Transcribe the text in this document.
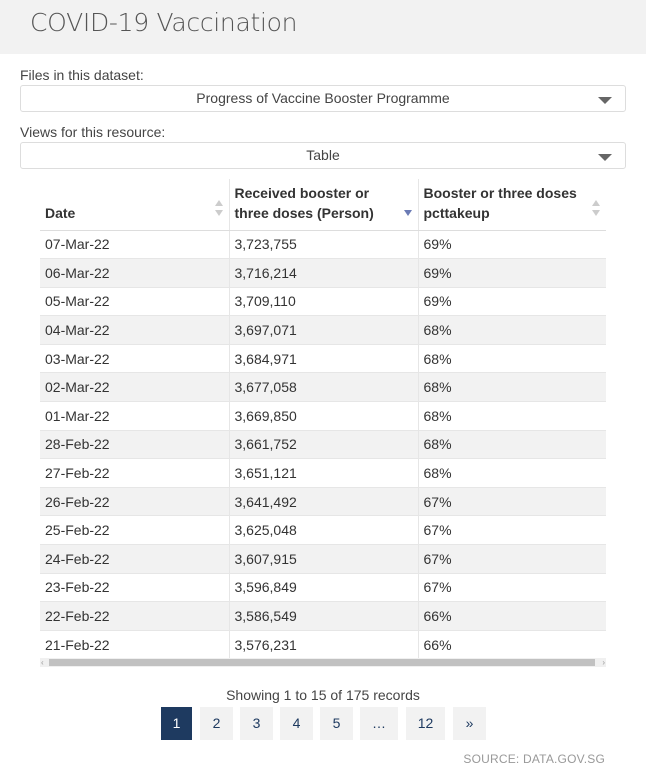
COVID-19 Vaccination
Files in this dataset:
Progress of Vaccine Booster Programme
Views for this resource:
Table
Date	Received booster or three doses (Person)	Booster or three doses pcttakeup

07-Mar-22	3,723,755	69%
06-Mar-22	3,716,214	69%
05-Mar-22	3,709,110	69%
04-Mar-22	3,697,071	68%
03-Mar-22	3,684,971	68%
02-Mar-22	3,677,058	68%
01-Mar-22	3,669,850	68%
28-Feb-22	3,661,752	68%
27-Feb-22	3,651,121	68%
26-Feb-22	3,641,492	67%
25-Feb-22	3,625,048	67%
24-Feb-22	3,607,915	67%
23-Feb-22	3,596,849	67%
22-Feb-22	3,586,549	66%
21-Feb-22	3,576,231	66%
‹	›
Showing 1 to 15 of 175 records
1	2	3	4	5	…	12	»
SOURCE: DATA.GOV.SG
